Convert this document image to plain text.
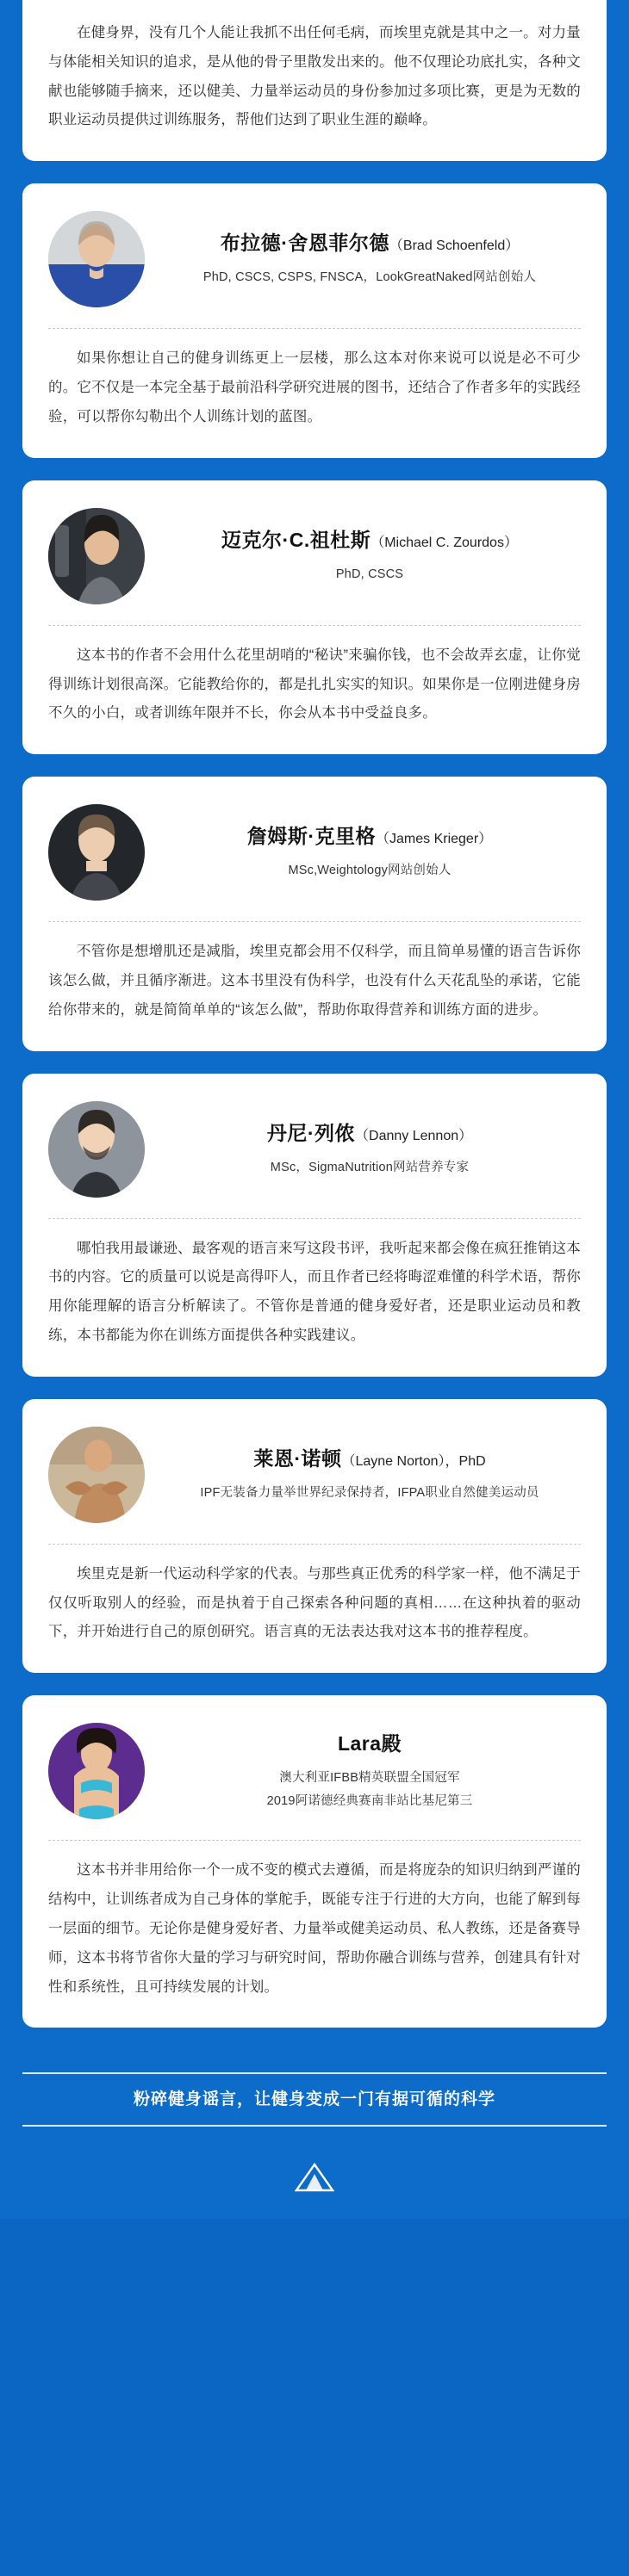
在健身界，没有几个人能让我抓不出任何毛病，而埃里克就是其中之一。对力量与体能相关知识的追求，是从他的骨子里散发出来的。他不仅理论功底扎实，各种文献也能够随手摘来，还以健美、力量举运动员的身份参加过多项比赛，更是为无数的职业运动员提供过训练服务，帮他们达到了职业生涯的巅峰。
布拉德·舍恩菲尔德（Brad Schoenfeld）
PhD, CSCS, CSPS, FNSCA，LookGreatNaked网站创始人
如果你想让自己的健身训练更上一层楼，那么这本对你来说可以说是必不可少的。它不仅是一本完全基于最前沿科学研究进展的图书，还结合了作者多年的实践经验，可以帮你勾勒出个人训练计划的蓝图。
迈克尔·C.祖杜斯（Michael C. Zourdos）
PhD, CSCS
这本书的作者不会用什么花里胡哨的“秘诀”来骗你钱，也不会故弄玄虚，让你觉得训练计划很高深。它能教给你的，都是扎扎实实的知识。如果你是一位刚进健身房不久的小白，或者训练年限并不长，你会从本书中受益良多。
詹姆斯·克里格（James Krieger）
MSc,Weightology网站创始人
不管你是想增肌还是减脂，埃里克都会用不仅科学，而且简单易懂的语言告诉你该怎么做，并且循序渐进。这本书里没有伪科学，也没有什么天花乱坠的承诺，它能给你带来的，就是简简单单的“该怎么做”，帮助你取得营养和训练方面的进步。
丹尼·列侬（Danny Lennon）
MSc，SigmaNutrition网站营养专家
哪怕我用最谦逊、最客观的语言来写这段书评，我听起来都会像在疯狂推销这本书的内容。它的质量可以说是高得吓人，而且作者已经将晦涩难懂的科学术语，帮你用你能理解的语言分析解读了。不管你是普通的健身爱好者，还是职业运动员和教练，本书都能为你在训练方面提供各种实践建议。
莱恩·诺顿（Layne Norton），PhD
IPF无装备力量举世界纪录保持者，IFPA职业自然健美运动员
埃里克是新一代运动科学家的代表。与那些真正优秀的科学家一样，他不满足于仅仅听取别人的经验，而是执着于自己探索各种问题的真相……在这种执着的驱动下，并开始进行自己的原创研究。语言真的无法表达我对这本书的推荐程度。
Lara殿
澳大利亚IFBB精英联盟全国冠军
2019阿诺德经典赛南非站比基尼第三
这本书并非用给你一个一成不变的模式去遵循，而是将庞杂的知识归纳到严谨的结构中，让训练者成为自己身体的掌舵手，既能专注于行进的大方向，也能了解到每一层面的细节。无论你是健身爱好者、力量举或健美运动员、私人教练，还是备赛导师，这本书将节省你大量的学习与研究时间，帮助你融合训练与营养，创建具有针对性和系统性，且可持续发展的计划。
粉碎健身谣言，让健身变成一门有据可循的科学
